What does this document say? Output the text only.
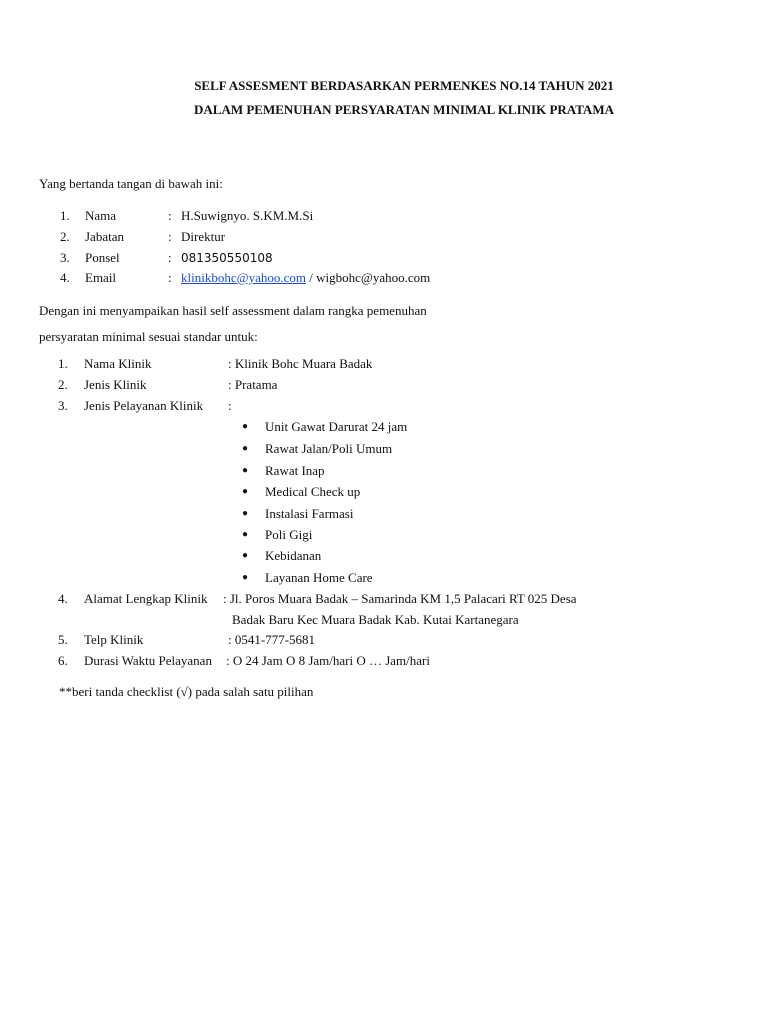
SELF ASSESMENT BERDASARKAN PERMENKES NO.14 TAHUN 2021
DALAM PEMENUHAN PERSYARATAN MINIMAL KLINIK PRATAMA
Yang bertanda tangan di bawah ini:
1. Nama	: H.Suwignyo. S.KM.M.Si
2. Jabatan	: Direktur
3. Ponsel	: 081350550108
4. Email	: klinikbohc@yahoo.com / wigbohc@yahoo.com
Dengan ini menyampaikan hasil self assessment dalam rangka pemenuhan
persyaratan minimal sesuai standar untuk:
1. Nama Klinik	: Klinik Bohc Muara Badak
2. Jenis Klinik	: Pratama
3. Jenis Pelayanan Klinik :
● Unit Gawat Darurat 24 jam
● Rawat Jalan/Poli Umum
● Rawat Inap
● Medical Check up
● Instalasi Farmasi
● Poli Gigi
● Kebidanan
● Layanan Home Care
4. Alamat Lengkap Klinik : Jl. Poros Muara Badak – Samarinda KM 1,5 Palacari RT 025 Desa
Badak Baru Kec Muara Badak Kab. Kutai Kartanegara
5. Telp Klinik	: 0541-777-5681
6. Durasi Waktu Pelayanan : O 24 Jam O 8 Jam/hari O … Jam/hari
**beri tanda checklist (√) pada salah satu pilihan
